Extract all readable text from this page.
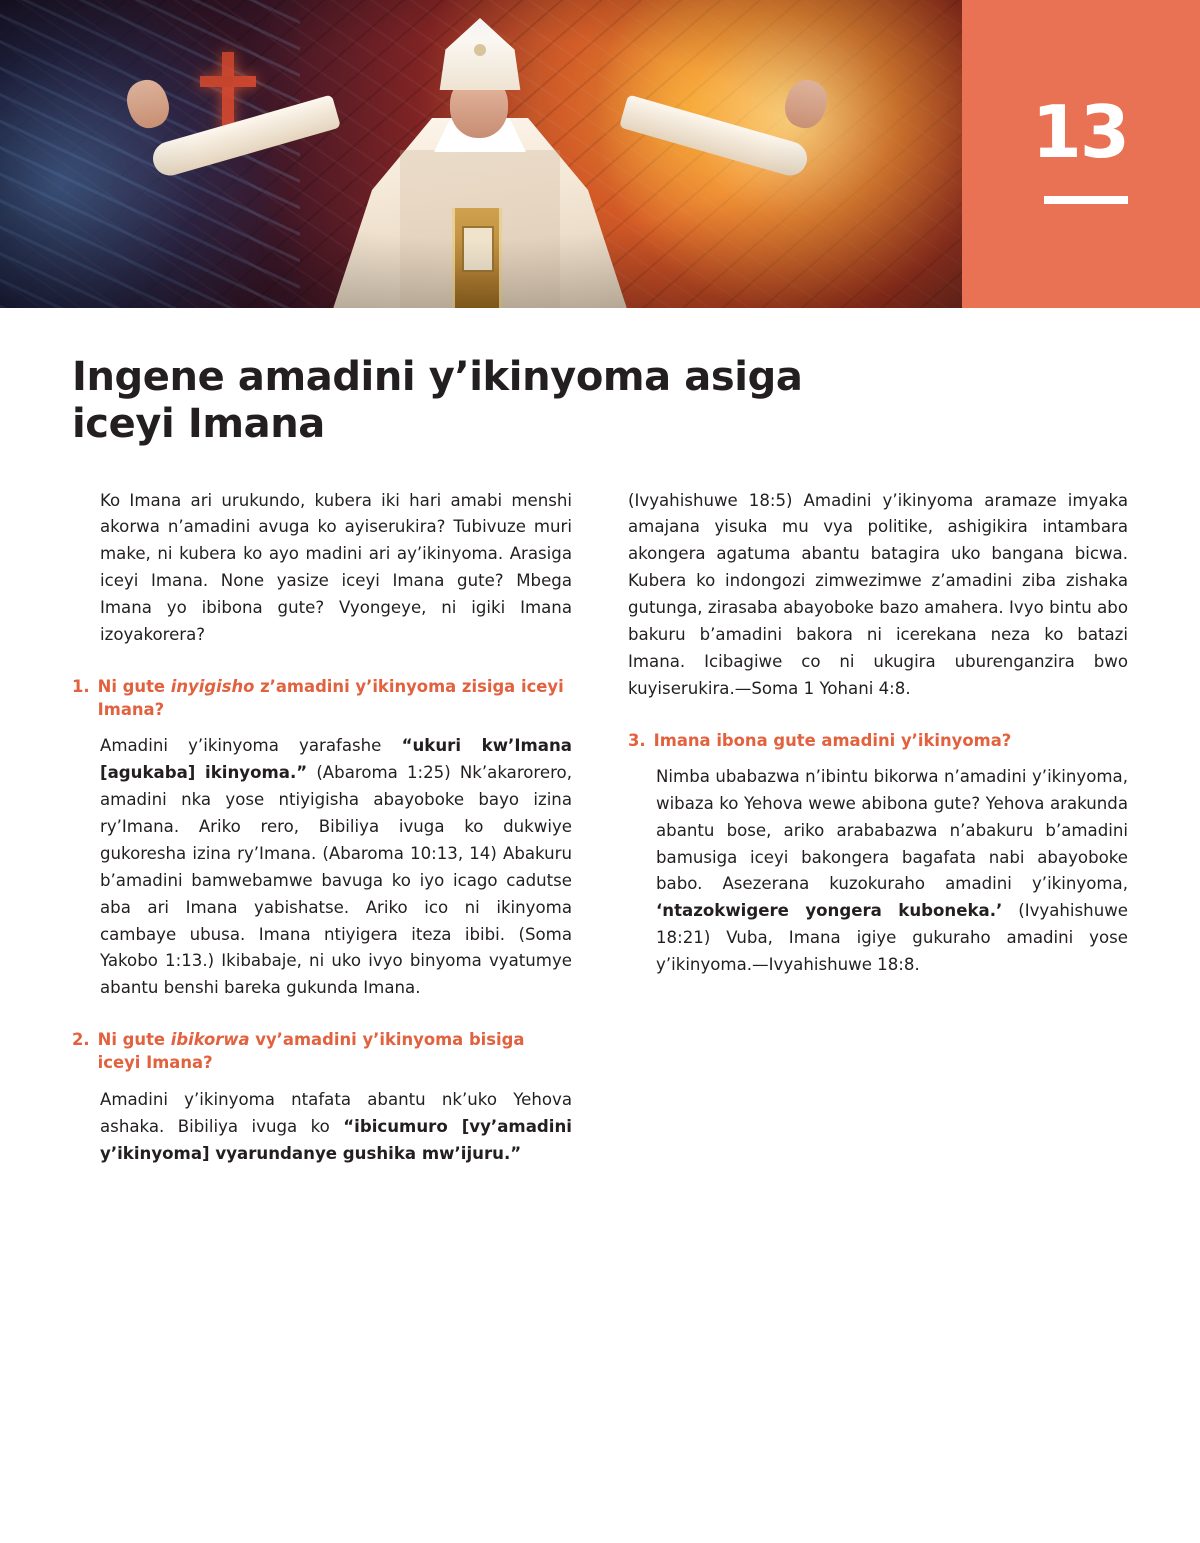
13
Ingene amadini y’ikinyoma asiga iceyi Imana

Ko Imana ari urukundo, kubera iki hari amabi menshi akorwa n’amadini avuga ko ayiserukira? Tubivuze muri make, ni kubera ko ayo madini ari ay’ikinyoma. Arasiga iceyi Imana. None yasize iceyi Imana gute? Mbega Imana yo ibibona gute? Vyongeye, ni igiki Imana izoyakorera?

1. Ni gute inyigisho z’amadini y’ikinyoma zisiga iceyi Imana?

Amadini y’ikinyoma yarafashe “ukuri kw’Imana [agukaba] ikinyoma.” (Abaroma 1:25) Nk’akarorero, amadini nka yose ntiyigisha abayoboke bayo izina ry’Imana. Ariko rero, Bibiliya ivuga ko dukwiye gukoresha izina ry’Imana. (Abaroma 10:13, 14) Abakuru b’amadini bamwebamwe bavuga ko iyo icago cadutse aba ari Imana yabishatse. Ariko ico ni ikinyoma cambaye ubusa. Imana ntiyigera iteza ibibi. (Soma Yakobo 1:13.) Ikibabaje, ni uko ivyo binyoma vyatumye abantu benshi bareka gukunda Imana.

2. Ni gute ibikorwa vy’amadini y’ikinyoma bisiga iceyi Imana?

Amadini y’ikinyoma ntafata abantu nk’uko Yehova ashaka. Bibiliya ivuga ko “ibicumuro [vy’amadini y’ikinyoma] vyarundanye gushika mw’ijuru.”

(Ivyahishuwe 18:5) Amadini y’ikinyoma aramaze imyaka amajana yisuka mu vya politike, ashigikira intambara akongera agatuma abantu batagira uko bangana bicwa. Kubera ko indongozi zimwezimwe z’amadini ziba zishaka gutunga, zirasaba abayoboke bazo amahera. Ivyo bintu abo bakuru b’amadini bakora ni icerekana neza ko batazi Imana. Icibagiwe co ni ukugira uburenganzira bwo kuyiserukira.—Soma 1 Yohani 4:8.

3. Imana ibona gute amadini y’ikinyoma?

Nimba ubabazwa n’ibintu bikorwa n’amadini y’ikinyoma, wibaza ko Yehova wewe abibona gute? Yehova arakunda abantu bose, ariko arababazwa n’abakuru b’amadini bamusiga iceyi bakongera bagafata nabi abayoboke babo. Asezerana kuzokuraho amadini y’ikinyoma, ‘ntazokwigere yongera kuboneka.’ (Ivyahishuwe 18:21) Vuba, Imana igiye gukuraho amadini yose y’ikinyoma.—Ivyahishuwe 18:8.
